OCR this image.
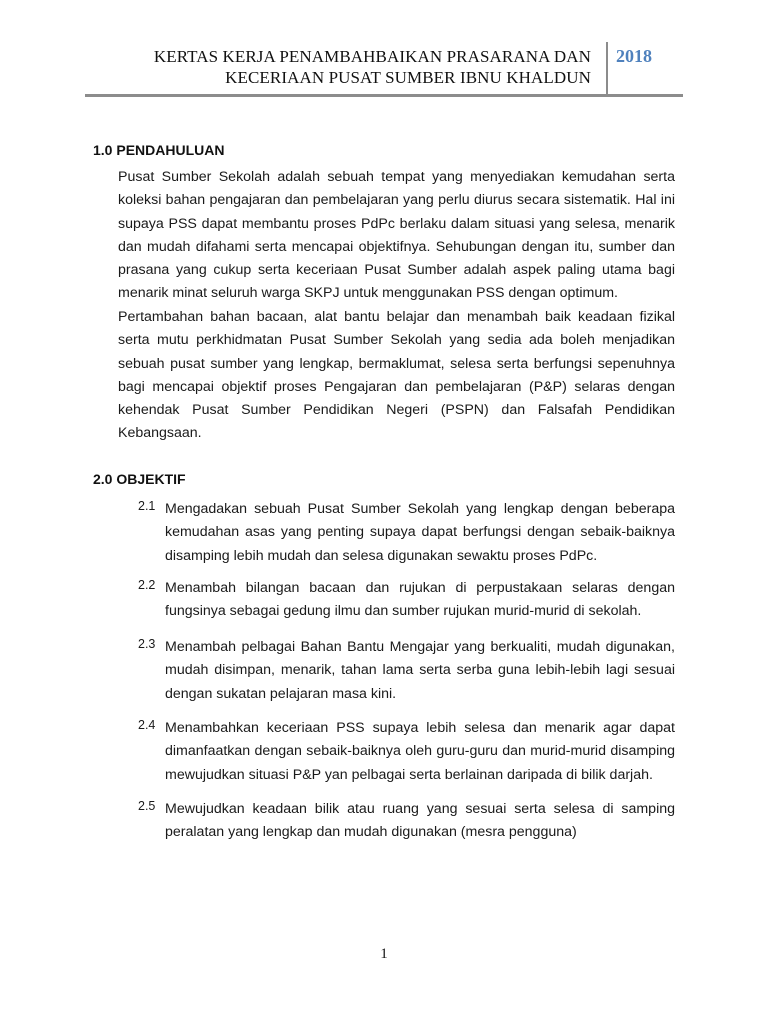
KERTAS KERJA PENAMBAHBAIKAN PRASARANA DAN
KECERIAAN PUSAT SUMBER IBNU KHALDUN
2018
1.0 PENDAHULUAN
Pusat Sumber Sekolah adalah sebuah tempat yang menyediakan kemudahan serta koleksi bahan pengajaran dan pembelajaran yang perlu diurus secara sistematik. Hal ini supaya PSS dapat membantu proses PdPc berlaku dalam situasi yang selesa, menarik dan mudah difahami serta mencapai objektifnya. Sehubungan dengan itu, sumber dan prasana yang cukup serta keceriaan Pusat Sumber adalah aspek paling utama bagi menarik minat seluruh warga SKPJ untuk menggunakan PSS dengan optimum.
Pertambahan bahan bacaan, alat bantu belajar dan menambah baik keadaan fizikal serta mutu perkhidmatan Pusat Sumber Sekolah yang sedia ada boleh menjadikan sebuah pusat sumber yang lengkap, bermaklumat, selesa serta berfungsi sepenuhnya bagi mencapai objektif proses Pengajaran dan pembelajaran (P&P) selaras dengan kehendak Pusat Sumber Pendidikan Negeri (PSPN) dan Falsafah Pendidikan Kebangsaan.
2.0 OBJEKTIF
2.1 Mengadakan sebuah Pusat Sumber Sekolah yang lengkap dengan beberapa kemudahan asas yang penting supaya dapat berfungsi dengan sebaik-baiknya disamping lebih mudah dan selesa digunakan sewaktu proses PdPc.
2.2 Menambah bilangan bacaan dan rujukan di perpustakaan selaras dengan fungsinya sebagai gedung ilmu dan sumber rujukan murid-murid di sekolah.
2.3 Menambah pelbagai Bahan Bantu Mengajar yang berkualiti, mudah digunakan, mudah disimpan, menarik, tahan lama serta serba guna lebih-lebih lagi sesuai dengan sukatan pelajaran masa kini.
2.4 Menambahkan keceriaan PSS supaya lebih selesa dan menarik agar dapat dimanfaatkan dengan sebaik-baiknya oleh guru-guru dan murid-murid disamping mewujudkan situasi P&P yan pelbagai serta berlainan daripada di bilik darjah.
2.5 Mewujudkan keadaan bilik atau ruang yang sesuai serta selesa di samping peralatan yang lengkap dan mudah digunakan (mesra pengguna)
1
